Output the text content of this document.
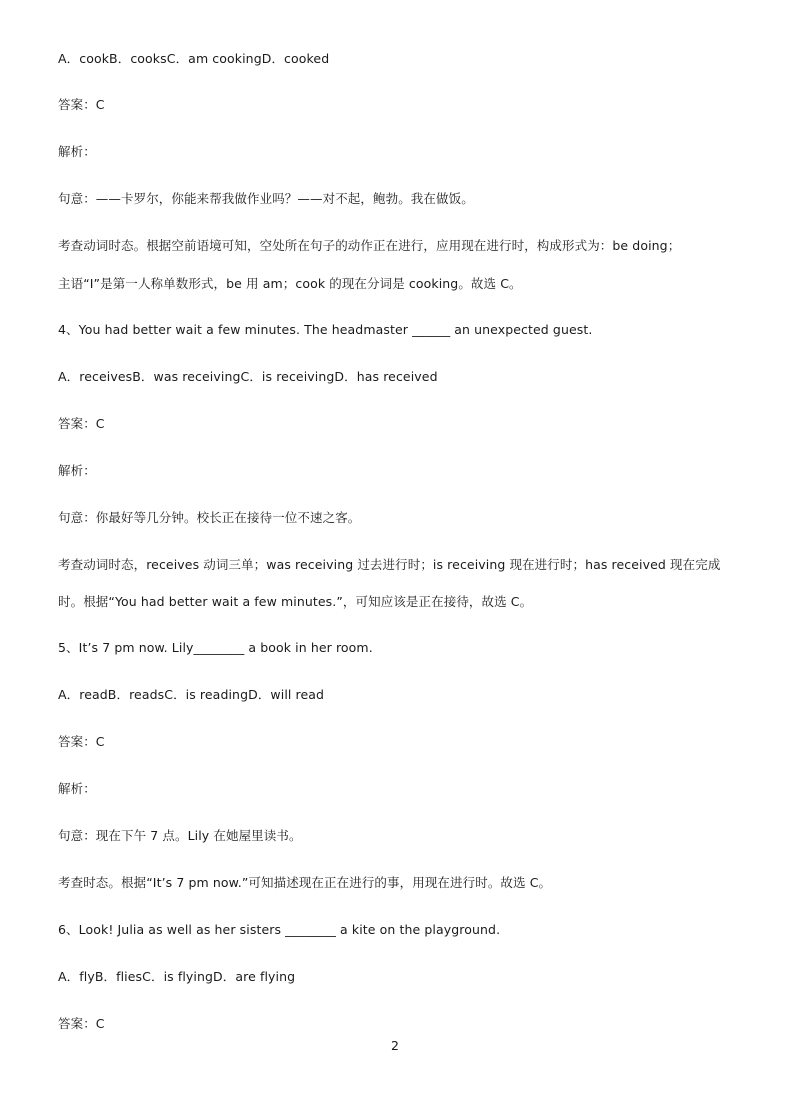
A．cookB．cooksC．am cookingD．cooked
答案：C
解析：
句意：——卡罗尔，你能来帮我做作业吗？——对不起，鲍勃。我在做饭。
考查动词时态。根据空前语境可知，空处所在句子的动作正在进行，应用现在进行时，构成形式为：be doing；
主语“I”是第一人称单数形式，be 用 am；cook 的现在分词是 cooking。故选 C。
4、You had better wait a few minutes. The headmaster ______ an unexpected guest.
A．receivesB．was receivingC．is receivingD．has received
答案：C
解析：
句意：你最好等几分钟。校长正在接待一位不速之客。
考查动词时态，receives 动词三单；was receiving 过去进行时；is receiving 现在进行时；has received 现在完成
时。根据“You had better wait a few minutes.”，可知应该是正在接待，故选 C。
5、It’s 7 pm now. Lily________ a book in her room.
A．readB．readsC．is readingD．will read
答案：C
解析：
句意：现在下午 7 点。Lily 在她屋里读书。
考查时态。根据“It’s 7 pm now.”可知描述现在正在进行的事，用现在进行时。故选 C。
6、Look! Julia as well as her sisters ________ a kite on the playground.
A．flyB．fliesC．is flyingD．are flying
答案：C
2
